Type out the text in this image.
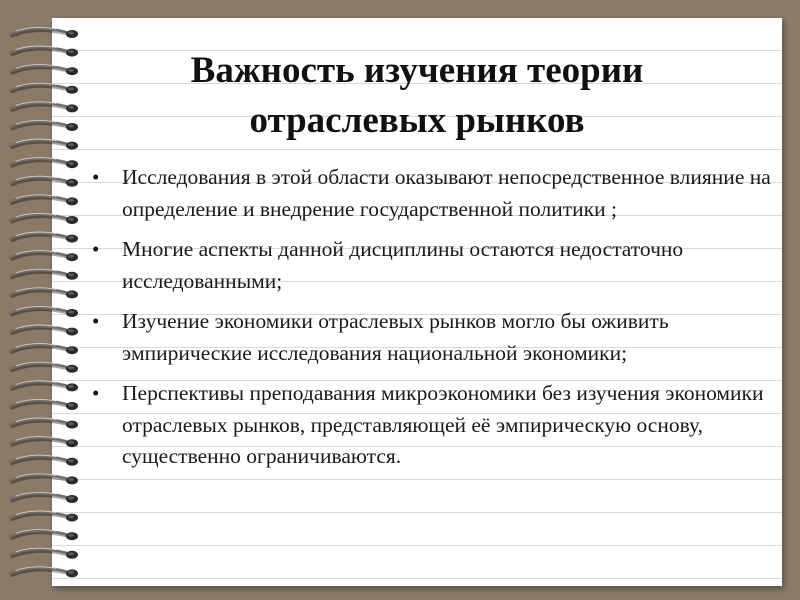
Важность изучения теории
отраслевых рынков
• Исследования в этой области оказывают непосредственное влияние на определение и внедрение государственной политики ;
• Многие аспекты данной дисциплины остаются недостаточно исследованными;
• Изучение экономики отраслевых рынков могло бы оживить эмпирические исследования национальной экономики;
• Перспективы преподавания микроэкономики без изучения экономики отраслевых рынков, представляющей её эмпирическую основу, существенно ограничиваются.
